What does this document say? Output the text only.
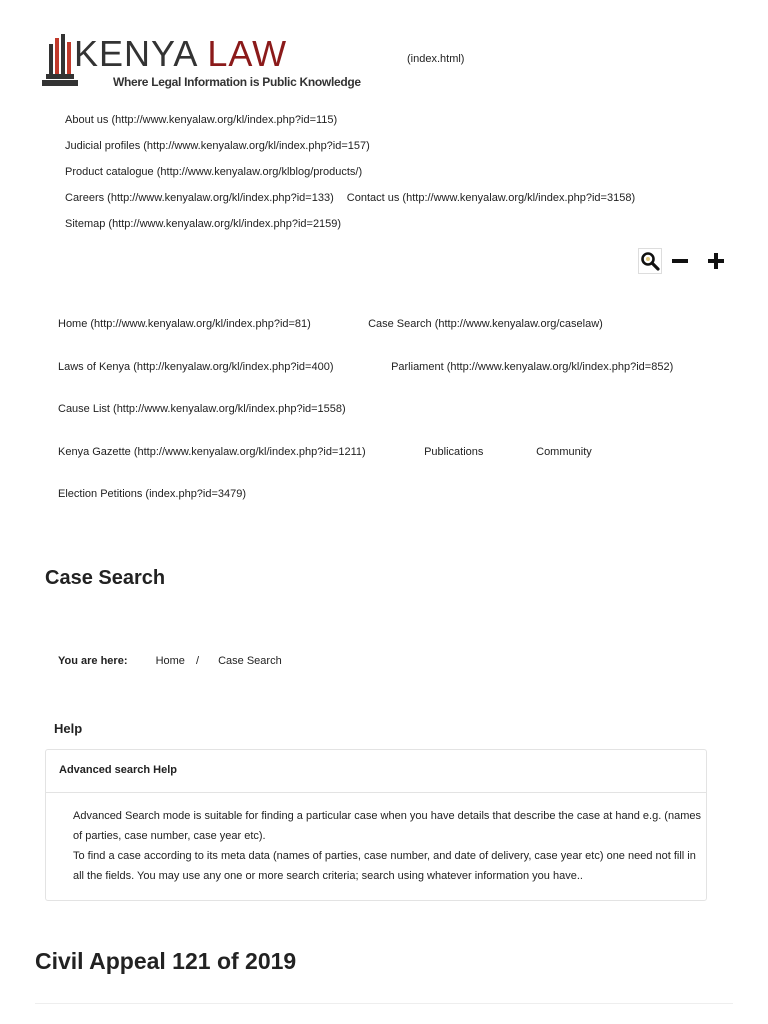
KENYA LAW
Where Legal Information is Public Knowledge
(index.html)
About us (http://www.kenyalaw.org/kl/index.php?id=115)
Judicial profiles (http://www.kenyalaw.org/kl/index.php?id=157)
Product catalogue (http://www.kenyalaw.org/klblog/products/)
Careers (http://www.kenyalaw.org/kl/index.php?id=133) Contact us (http://www.kenyalaw.org/kl/index.php?id=3158)
Sitemap (http://www.kenyalaw.org/kl/index.php?id=2159)
Home (http://www.kenyalaw.org/kl/index.php?id=81)	Case Search (http://www.kenyalaw.org/caselaw)
Laws of Kenya (http://kenyalaw.org/kl/index.php?id=400)	Parliament (http://www.kenyalaw.org/kl/index.php?id=852)
Cause List (http://www.kenyalaw.org/kl/index.php?id=1558)
Kenya Gazette (http://www.kenyalaw.org/kl/index.php?id=1211)	Publications	Community
Election Petitions (index.php?id=3479)
Case Search
You are here:	Home / Case Search
Help
Advanced search Help

Advanced Search mode is suitable for finding a particular case when you have details that describe the case at hand e.g. (names of parties, case number, case year etc).

To find a case according to its meta data (names of parties, case number, and date of delivery, case year etc) one need not fill in all the fields. You may use any one or more search criteria; search using whatever information you have..

Civil Appeal 121 of 2019
